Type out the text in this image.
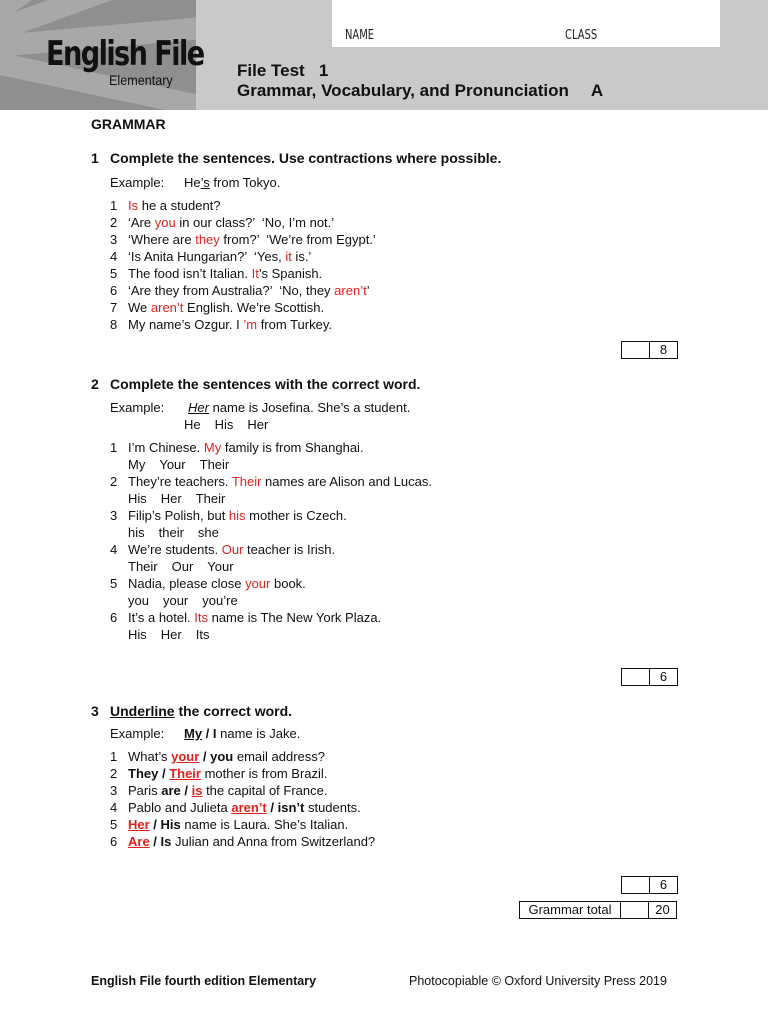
NAME	CLASS
English File
Elementary	File Test   1
Grammar, Vocabulary, and Pronunciation A
GRAMMAR
1 Complete the sentences. Use contractions where possible.
Example: He’s from Tokyo.
1 Is he a student?
2 ‘Are you in our class?’  ‘No, I’m not.’
3 ‘Where are they from?’  ‘We’re from Egypt.’
4 ‘Is Anita Hungarian?’  ‘Yes, it is.’
5 The food isn’t Italian. It’s Spanish.
6 ‘Are they from Australia?’  ‘No, they aren’t’
7 We aren’t English. We’re Scottish.
8 My name’s Ozgur. I ’m from Turkey.
8
2 Complete the sentences with the correct word.
Example: Her name is Josefina. She’s a student.
He His Her
1 I’m Chinese. My family is from Shanghai.
My Your Their
2 They’re teachers. Their names are Alison and Lucas.
His Her Their
3 Filip’s Polish, but his mother is Czech.
his their she
4 We’re students. Our teacher is Irish.
Their Our Your
5 Nadia, please close your book.
you your you’re
6 It’s a hotel. Its name is The New York Plaza.
His Her Its
6
3 Underline the correct word.
Example: My / I name is Jake.
1 What’s your / you email address?
2 They / Their mother is from Brazil.
3 Paris are / is the capital of France.
4 Pablo and Julieta aren’t / isn’t students.
5 Her / His name is Laura. She’s Italian.
6 Are / Is Julian and Anna from Switzerland?
6
Grammar total	20
English File fourth edition Elementary	Photocopiable © Oxford University Press 2019
